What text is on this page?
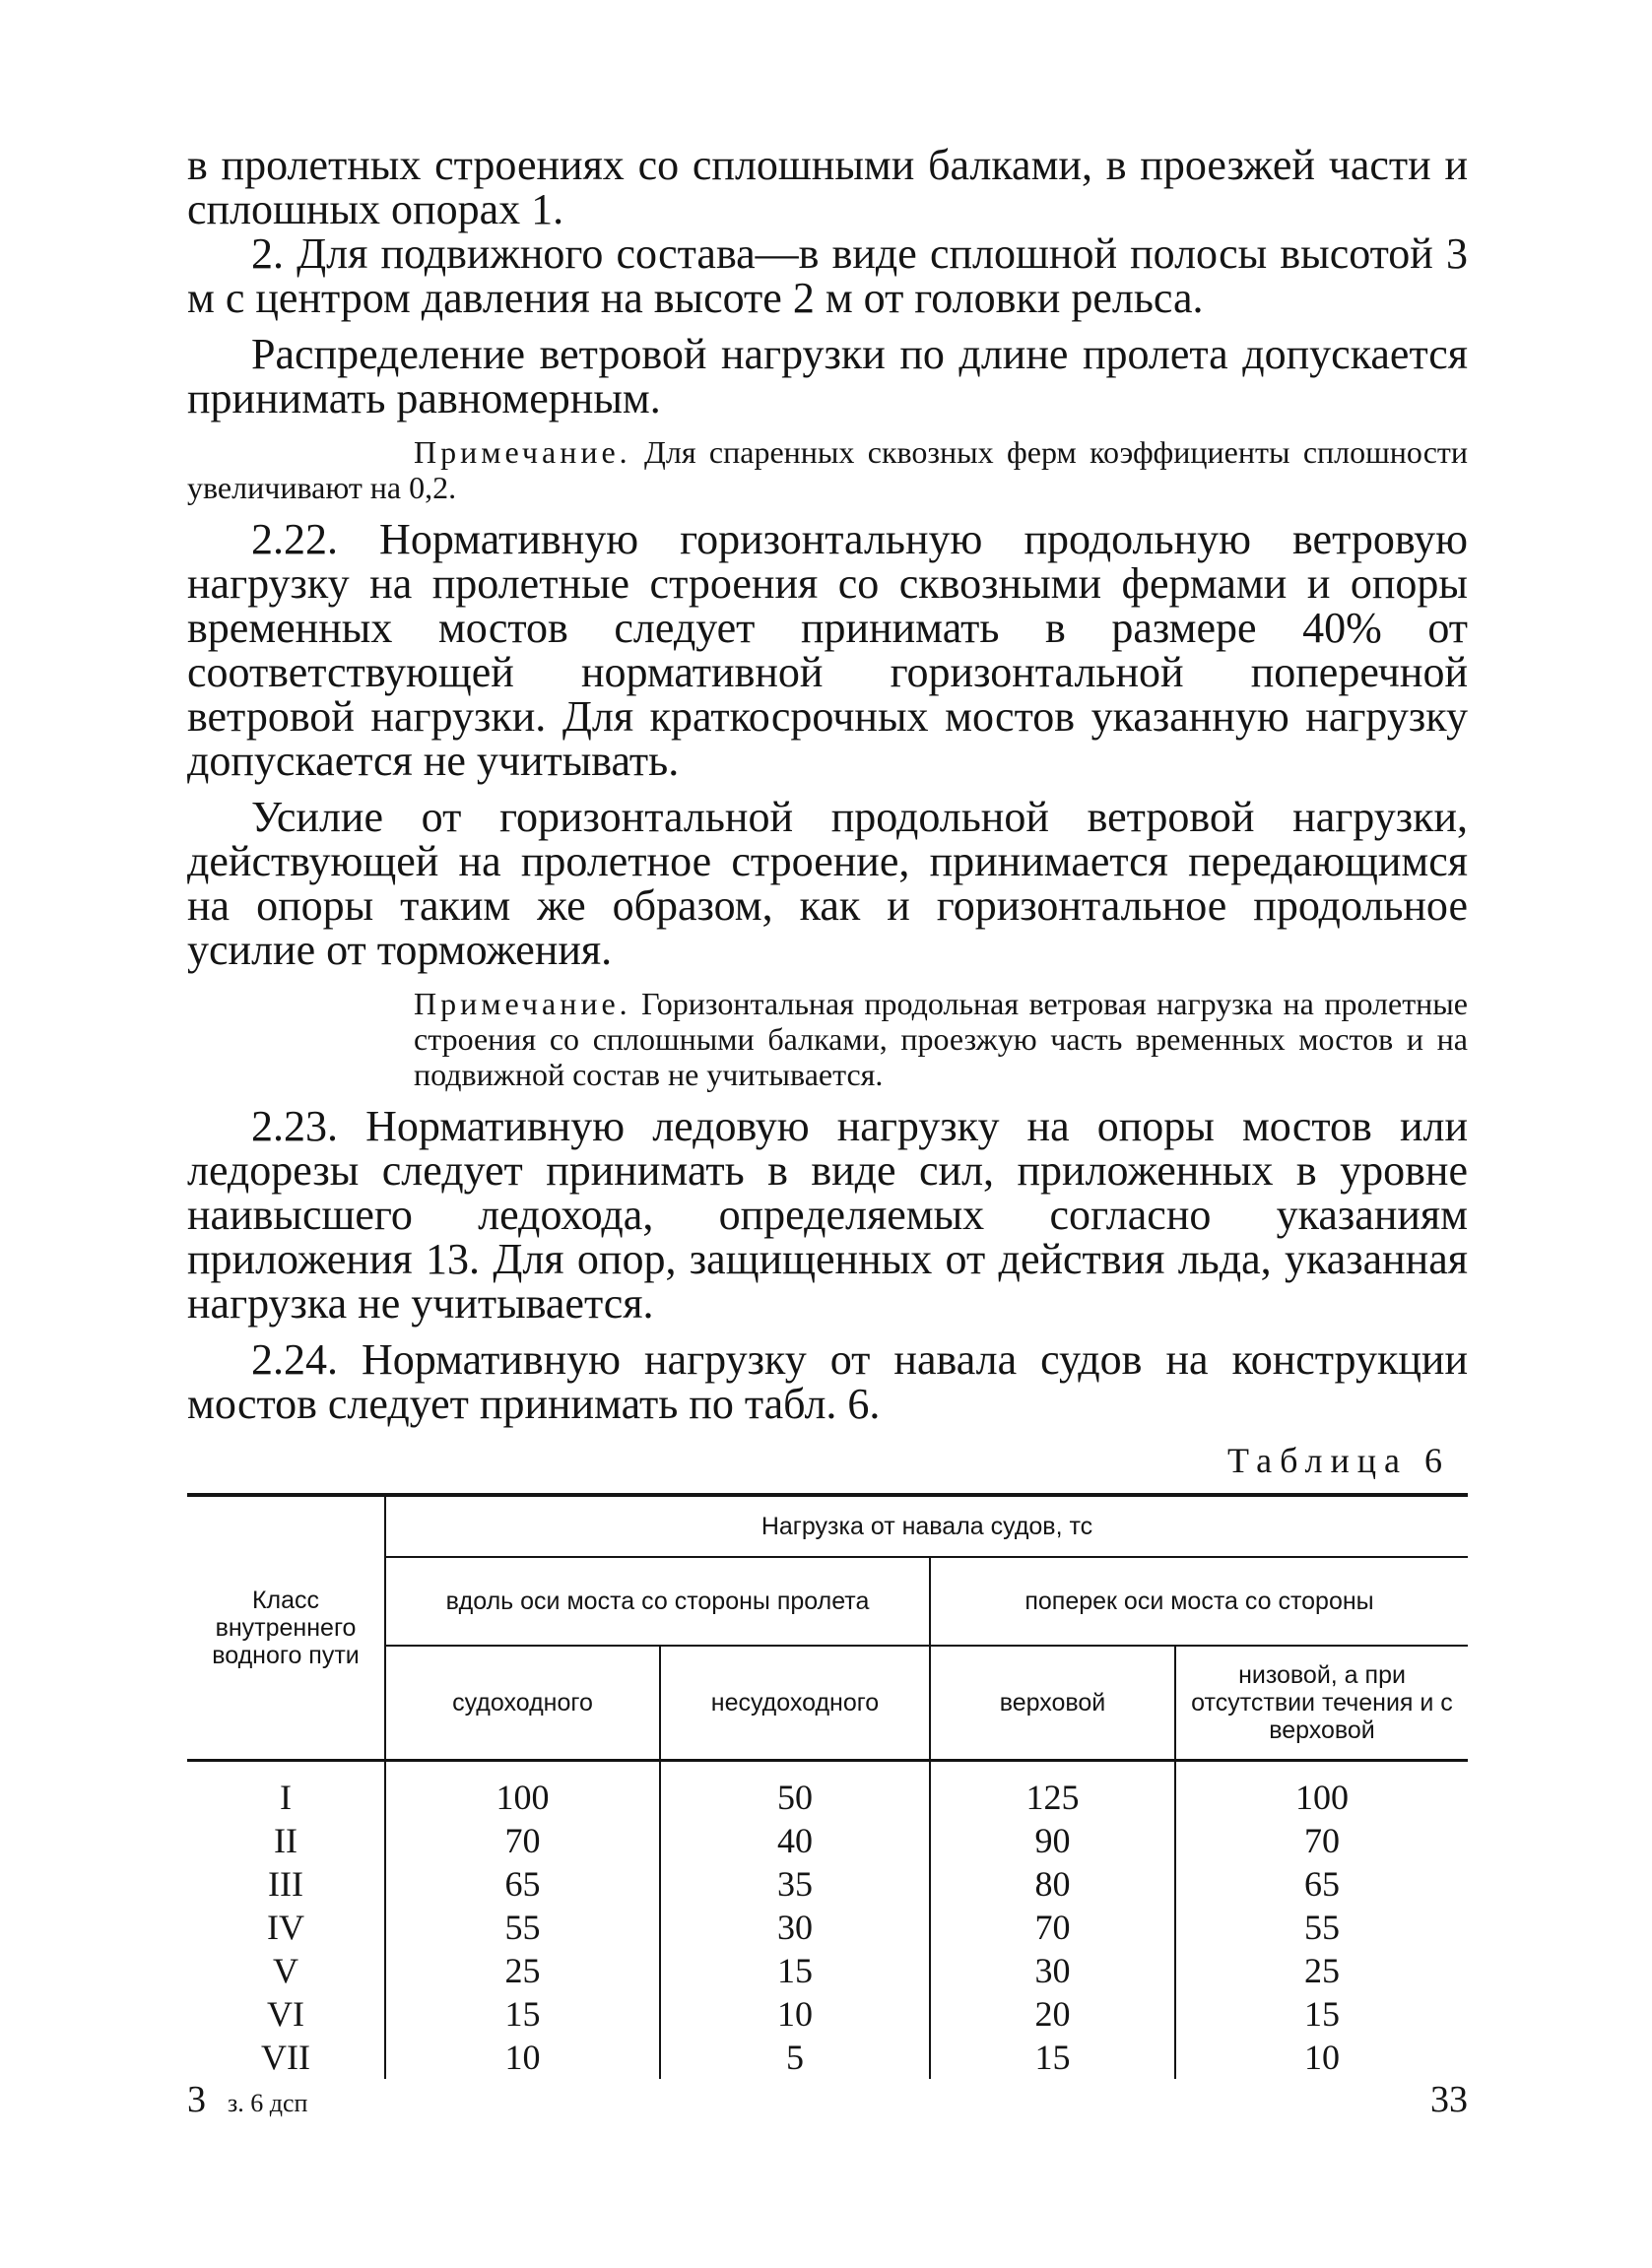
в пролетных строениях со сплошными балками, в проезжей части и сплошных опорах 1.

2. Для подвижного состава—в виде сплошной полосы высотой 3 м с центром давления на высоте 2 м от головки рельса.

Распределение ветровой нагрузки по длине пролета допускается принимать равномерным.

Примечание. Для спаренных сквозных ферм коэффициенты сплошности увеличивают на 0,2.

2.22. Нормативную горизонтальную продольную ветровую нагрузку на пролетные строения со сквозными фермами и опоры временных мостов следует принимать в размере 40% от соответствующей нормативной горизонтальной поперечной ветровой нагрузки. Для краткосрочных мостов указанную нагрузку допускается не учитывать.

Усилие от горизонтальной продольной ветровой нагрузки, действующей на пролетное строение, принимается передающимся на опоры таким же образом, как и горизонтальное продольное усилие от торможения.

Примечание. Горизонтальная продольная ветровая нагрузка на пролетные строения со сплошными балками, проезжую часть временных мостов и на подвижной состав не учитывается.

2.23. Нормативную ледовую нагрузку на опоры мостов или ледорезы следует принимать в виде сил, приложенных в уровне наивысшего ледохода, определяемых согласно указаниям приложения 13. Для опор, защищенных от действия льда, указанная нагрузка не учитывается.

2.24. Нормативную нагрузку от навала судов на конструкции мостов следует принимать по табл. 6.

Таблица 6
Класс внутреннего водного пути	Нагрузка от навала судов, тс			
	вдоль оси моста со стороны пролета		поперек оси моста со стороны	
	судоходного	несудоходного	верховой	низовой, а при отсутствии течения и с верховой
I	100	50	125	100
II	70	40	90	70
III	65	35	80	65
IV	55	30	70	55
V	25	15	30	25
VI	15	10	20	15
VII	10	5	15	10
3 з. 6 дсп	33
